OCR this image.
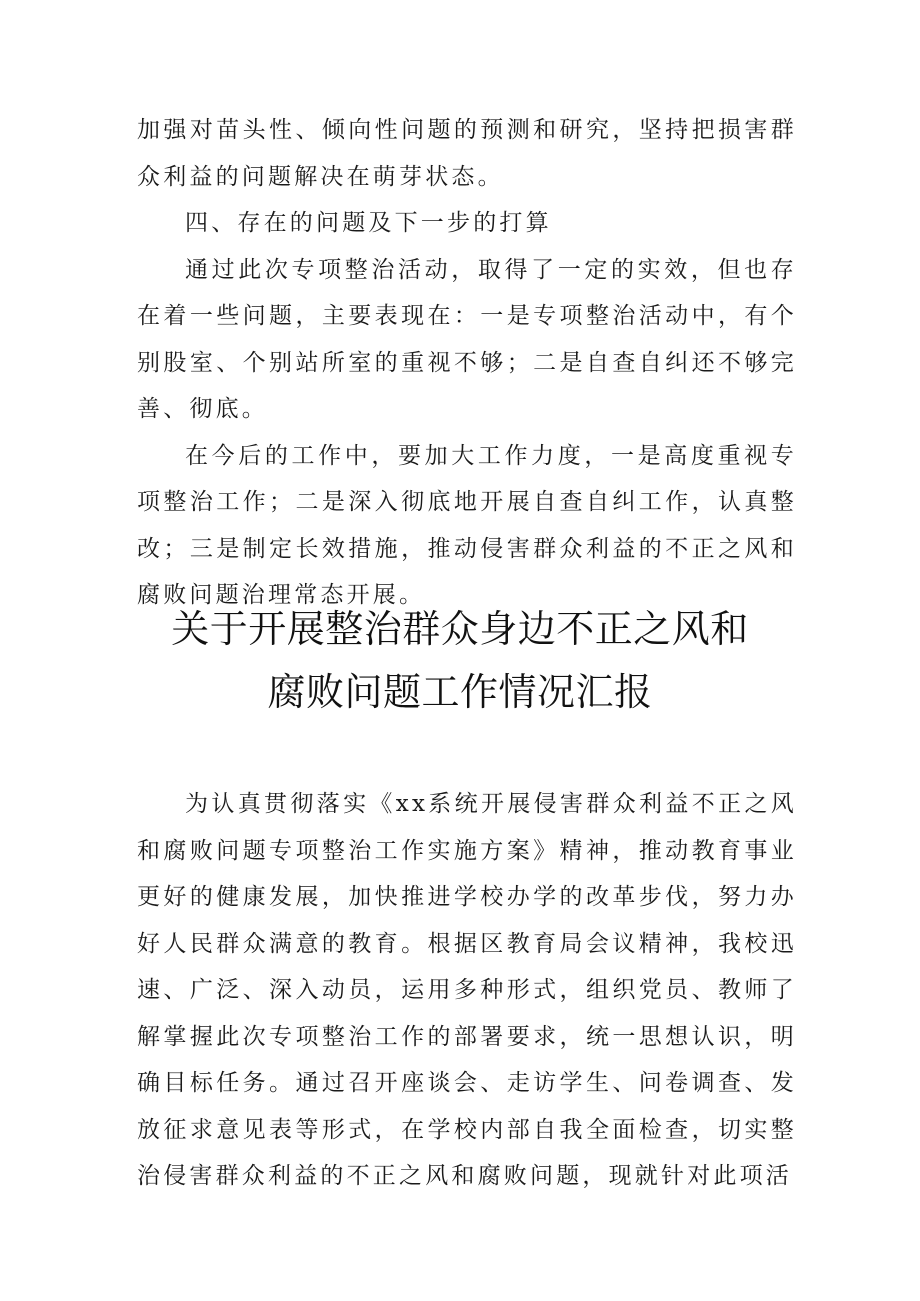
加强对苗头性、倾向性问题的预测和研究，坚持把损害群众利益的问题解决在萌芽状态。

四、存在的问题及下一步的打算

通过此次专项整治活动，取得了一定的实效，但也存在着一些问题，主要表现在：一是专项整治活动中，有个别股室、个别站所室的重视不够；二是自查自纠还不够完善、彻底。

在今后的工作中，要加大工作力度，一是高度重视专项整治工作；二是深入彻底地开展自查自纠工作，认真整改；三是制定长效措施，推动侵害群众利益的不正之风和腐败问题治理常态开展。

关于开展整治群众身边不正之风和
腐败问题工作情况汇报

为认真贯彻落实《xx系统开展侵害群众利益不正之风和腐败问题专项整治工作实施方案》精神，推动教育事业更好的健康发展，加快推进学校办学的改革步伐，努力办好人民群众满意的教育。根据区教育局会议精神，我校迅速、广泛、深入动员，运用多种形式，组织党员、教师了解掌握此次专项整治工作的部署要求，统一思想认识，明确目标任务。通过召开座谈会、走访学生、问卷调查、发放征求意见表等形式，在学校内部自我全面检查，切实整治侵害群众利益的不正之风和腐败问题，现就针对此项活
